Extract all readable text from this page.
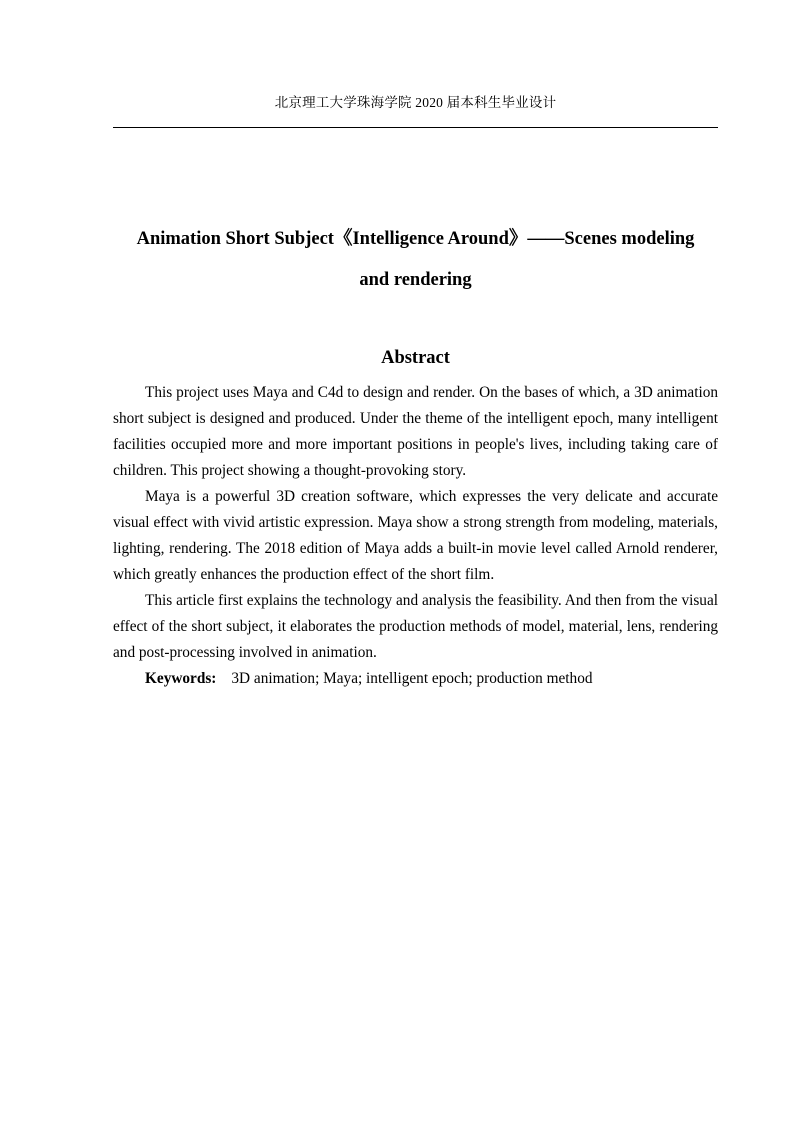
北京理工大学珠海学院 2020 届本科生毕业设计
Animation Short Subject《Intelligence Around》——Scenes modeling
and rendering
Abstract

This project uses Maya and C4d to design and render. On the bases of which, a 3D animation short subject is designed and produced. Under the theme of the intelligent epoch, many intelligent facilities occupied more and more important positions in people's lives, including taking care of children. This project showing a thought-provoking story.

Maya is a powerful 3D creation software, which expresses the very delicate and accurate visual effect with vivid artistic expression. Maya show a strong strength from modeling, materials, lighting, rendering. The 2018 edition of Maya adds a built-in movie level called Arnold renderer, which greatly enhances the production effect of the short film.

This article first explains the technology and analysis the feasibility. And then from the visual effect of the short subject, it elaborates the production methods of model, material, lens, rendering and post-processing involved in animation.

Keywords: 3D animation; Maya; intelligent epoch; production method
